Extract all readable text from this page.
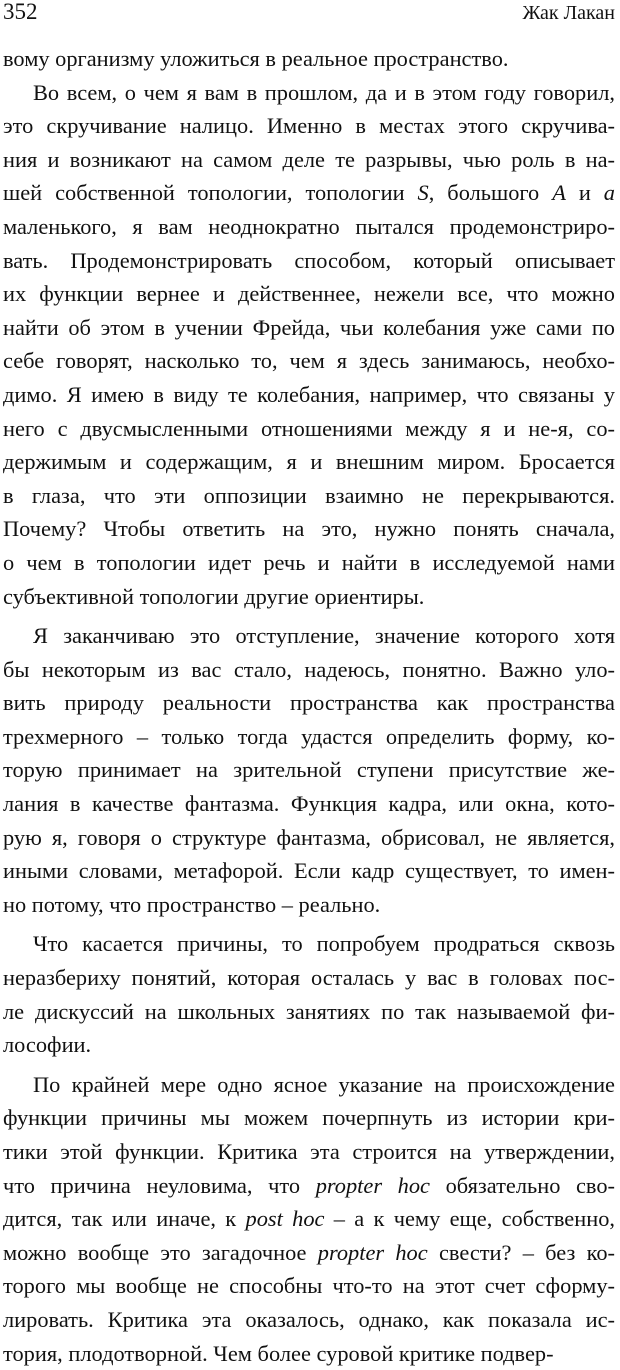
352	Жак Лакан
вому организму уложиться в реальное пространство.
Во всем, о чем я вам в прошлом, да и в этом году говорил,
это скручивание налицо. Именно в местах этого скручива-
ния и возникают на самом деле те разрывы, чью роль в на-
шей собственной топологии, топологии S, большого A и a
маленького, я вам неоднократно пытался продемонстриро-
вать. Продемонстрировать способом, который описывает
их функции вернее и действеннее, нежели все, что можно
найти об этом в учении Фрейда, чьи колебания уже сами по
себе говорят, насколько то, чем я здесь занимаюсь, необхо-
димо. Я имею в виду те колебания, например, что связаны у
него с двусмысленными отношениями между я и не-я, со-
держимым и содержащим, я и внешним миром. Бросается
в глаза, что эти оппозиции взаимно не перекрываются.
Почему? Чтобы ответить на это, нужно понять сначала,
о чем в топологии идет речь и найти в исследуемой нами
субъективной топологии другие ориентиры.
Я заканчиваю это отступление, значение которого хотя
бы некоторым из вас стало, надеюсь, понятно. Важно уло-
вить природу реальности пространства как пространства
трехмерного – только тогда удастся определить форму, ко-
торую принимает на зрительной ступени присутствие же-
лания в качестве фантазма. Функция кадра, или окна, кото-
рую я, говоря о структуре фантазма, обрисовал, не является,
иными словами, метафорой. Если кадр существует, то имен-
но потому, что пространство – реально.
Что касается причины, то попробуем продраться сквозь
неразбериху понятий, которая осталась у вас в головах пос-
ле дискуссий на школьных занятиях по так называемой фи-
лософии.
По крайней мере одно ясное указание на происхождение
функции причины мы можем почерпнуть из истории кри-
тики этой функции. Критика эта строится на утверждении,
что причина неуловима, что propter hoc обязательно сво-
дится, так или иначе, к post hoc – а к чему еще, собственно,
можно вообще это загадочное propter hoc свести? – без ко-
торого мы вообще не способны что-то на этот счет сформу-
лировать. Критика эта оказалось, однако, как показала ис-
тория, плодотворной. Чем более суровой критике подвер-
